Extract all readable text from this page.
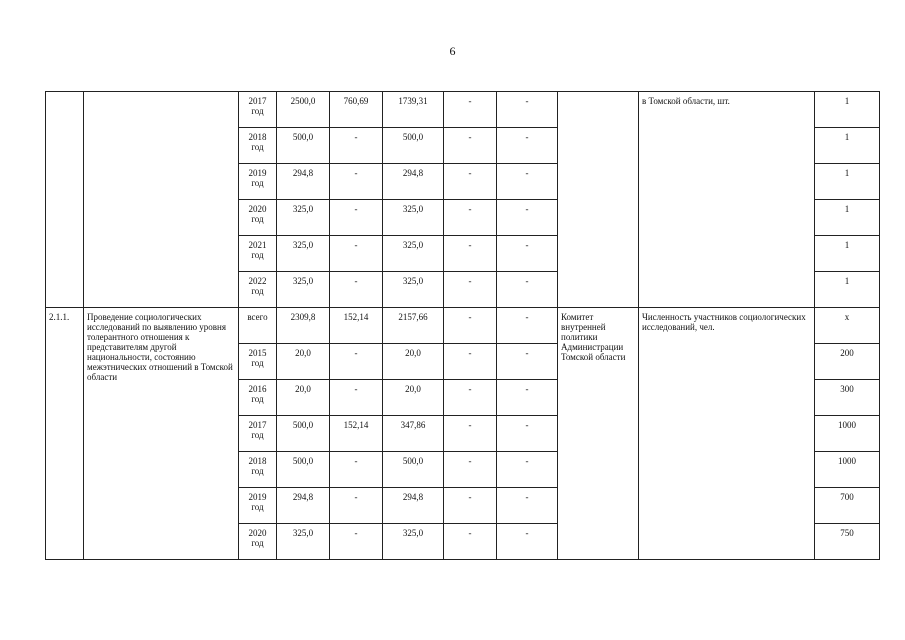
6
		2017 год	2500,0	760,69	1739,31	-	-		в Томской области, шт.	1
		2018 год	500,0	-	500,0	-	-			1
		2019 год	294,8	-	294,8	-	-			1
		2020 год	325,0	-	325,0	-	-			1
		2021 год	325,0	-	325,0	-	-			1
		2022 год	325,0	-	325,0	-	-			1
2.1.1.	Проведение социологических исследований по выявлению уровня толерантного отношения к представителям другой национальности, состоянию межэтнических отношений в Томской области	всего	2309,8	152,14	2157,66	-	-	Комитет внутренней политики Администрации Томской области	Численность участников социологических исследований, чел.	х
		2015 год	20,0	-	20,0	-	-			200
		2016 год	20,0	-	20,0	-	-			300
		2017 год	500,0	152,14	347,86	-	-			1000
		2018 год	500,0	-	500,0	-	-			1000
		2019 год	294,8	-	294,8	-	-			700
		2020 год	325,0	-	325,0	-	-			750
